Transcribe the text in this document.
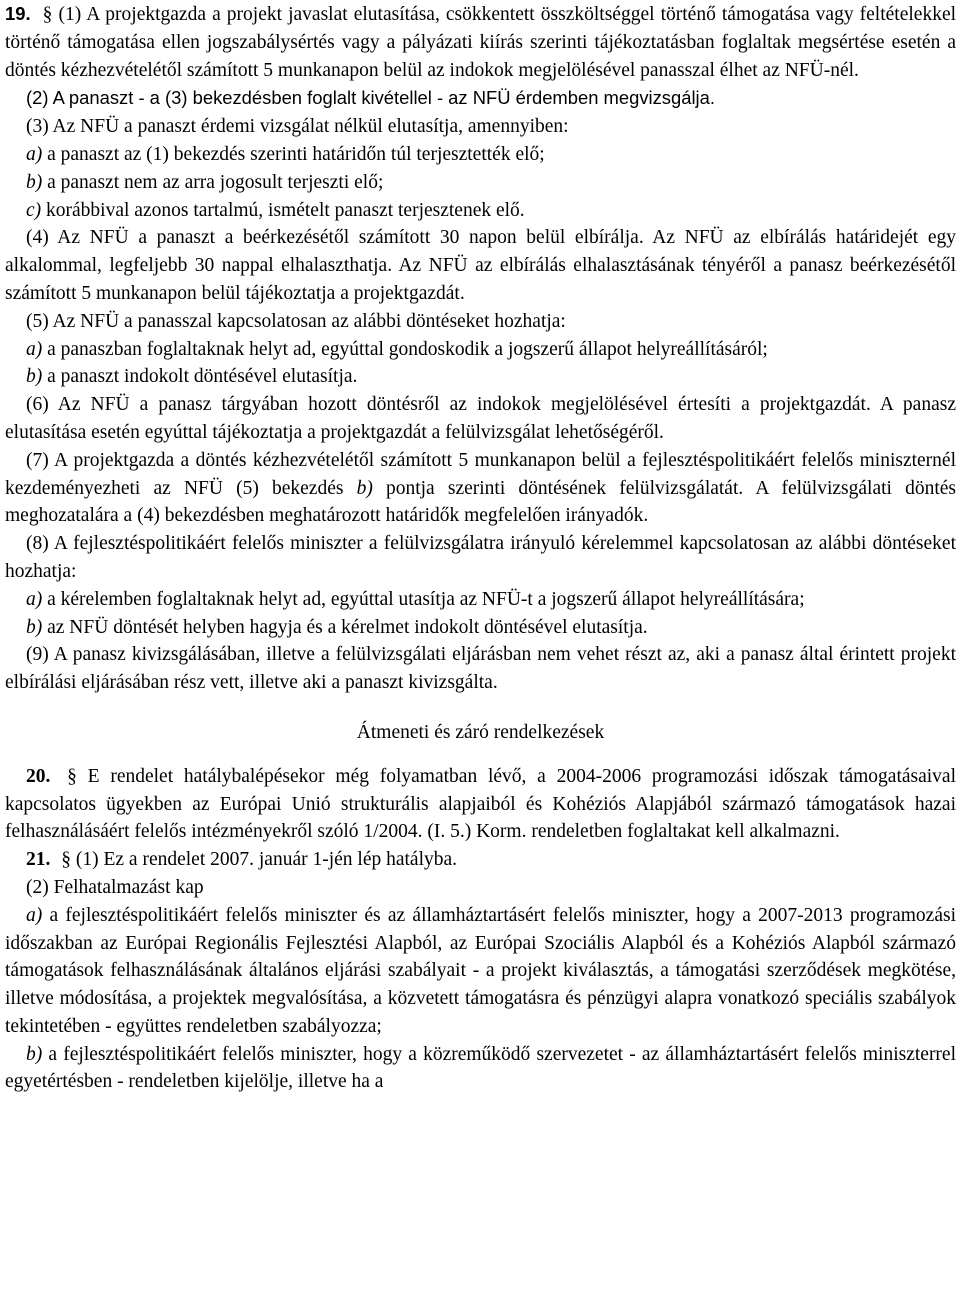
19. § (1) A projektgazda a projekt javaslat elutasítása, csökkentett összköltséggel történő támogatása vagy feltételekkel történő támogatása ellen jogszabálysértés vagy a pályázati kiírás szerinti tájékoztatásban foglaltak megsértése esetén a döntés kézhezvételétől számított 5 munkanapon belül az indokok megjelölésével panasszal élhet az NFÜ-nél.

(2) A panaszt - a (3) bekezdésben foglalt kivétellel - az NFÜ érdemben megvizsgálja.

(3) Az NFÜ a panaszt érdemi vizsgálat nélkül elutasítja, amennyiben:

a) a panaszt az (1) bekezdés szerinti határidőn túl terjesztették elő;

b) a panaszt nem az arra jogosult terjeszti elő;

c) korábbival azonos tartalmú, ismételt panaszt terjesztenek elő.

(4) Az NFÜ a panaszt a beérkezésétől számított 30 napon belül elbírálja. Az NFÜ az elbírálás határidejét egy alkalommal, legfeljebb 30 nappal elhalaszthatja. Az NFÜ az elbírálás elhalasztásának tényéről a panasz beérkezésétől számított 5 munkanapon belül tájékoztatja a projektgazdát.

(5) Az NFÜ a panasszal kapcsolatosan az alábbi döntéseket hozhatja:

a) a panaszban foglaltaknak helyt ad, egyúttal gondoskodik a jogszerű állapot helyreállításáról;

b) a panaszt indokolt döntésével elutasítja.

(6) Az NFÜ a panasz tárgyában hozott döntésről az indokok megjelölésével értesíti a projektgazdát. A panasz elutasítása esetén egyúttal tájékoztatja a projektgazdát a felülvizsgálat lehetőségéről.

(7) A projektgazda a döntés kézhezvételétől számított 5 munkanapon belül a fejlesztéspolitikáért felelős miniszternél kezdeményezheti az NFÜ (5) bekezdés b) pontja szerinti döntésének felülvizsgálatát. A felülvizsgálati döntés meghozatalára a (4) bekezdésben meghatározott határidők megfelelően irányadók.

(8) A fejlesztéspolitikáért felelős miniszter a felülvizsgálatra irányuló kérelemmel kapcsolatosan az alábbi döntéseket hozhatja:

a) a kérelemben foglaltaknak helyt ad, egyúttal utasítja az NFÜ-t a jogszerű állapot helyreállítására;

b) az NFÜ döntését helyben hagyja és a kérelmet indokolt döntésével elutasítja.

(9) A panasz kivizsgálásában, illetve a felülvizsgálati eljárásban nem vehet részt az, aki a panasz által érintett projekt elbírálási eljárásában rész vett, illetve aki a panaszt kivizsgálta.

Átmeneti és záró rendelkezések

20. § E rendelet hatálybalépésekor még folyamatban lévő, a 2004-2006 programozási időszak támogatásaival kapcsolatos ügyekben az Európai Unió strukturális alapjaiból és Kohéziós Alapjából származó támogatások hazai felhasználásáért felelős intézményekről szóló 1/2004. (I. 5.) Korm. rendeletben foglaltakat kell alkalmazni.

21. § (1) Ez a rendelet 2007. január 1-jén lép hatályba.

(2) Felhatalmazást kap

a) a fejlesztéspolitikáért felelős miniszter és az államháztartásért felelős miniszter, hogy a 2007-2013 programozási időszakban az Európai Regionális Fejlesztési Alapból, az Európai Szociális Alapból és a Kohéziós Alapból származó támogatások felhasználásának általános eljárási szabályait - a projekt kiválasztás, a támogatási szerződések megkötése, illetve módosítása, a projektek megvalósítása, a közvetett támogatásra és pénzügyi alapra vonatkozó speciális szabályok tekintetében - együttes rendeletben szabályozza;

b) a fejlesztéspolitikáért felelős miniszter, hogy a közreműködő szervezetet - az államháztartásért felelős miniszterrel egyetértésben - rendeletben kijelölje, illetve ha a
